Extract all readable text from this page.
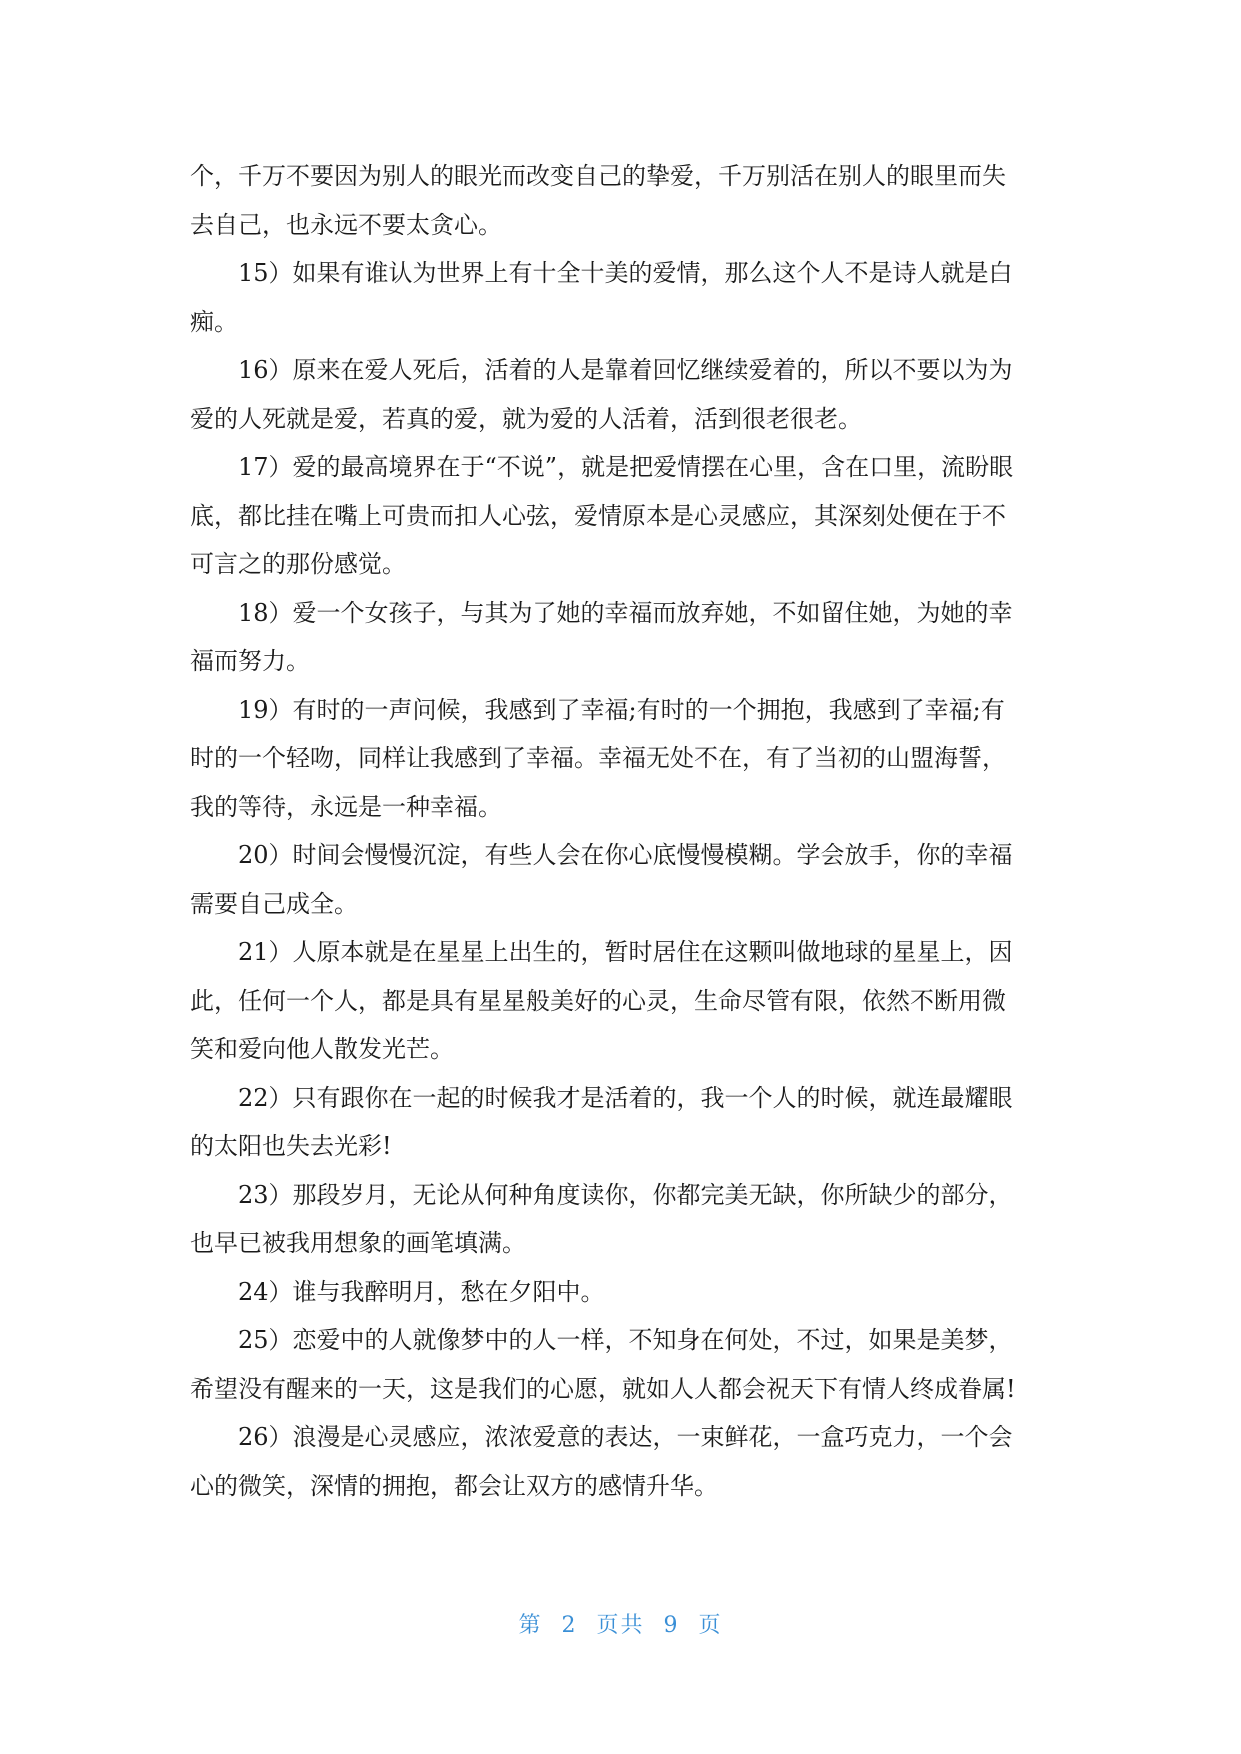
个，千万不要因为别人的眼光而改变自己的挚爱，千万别活在别人的眼里而失
去自己，也永远不要太贪心。

15）如果有谁认为世界上有十全十美的爱情，那么这个人不是诗人就是白
痴。

16）原来在爱人死后，活着的人是靠着回忆继续爱着的，所以不要以为为
爱的人死就是爱，若真的爱，就为爱的人活着，活到很老很老。

17）爱的最高境界在于“不说”，就是把爱情摆在心里，含在口里，流盼眼
底，都比挂在嘴上可贵而扣人心弦，爱情原本是心灵感应，其深刻处便在于不
可言之的那份感觉。

18）爱一个女孩子，与其为了她的幸福而放弃她，不如留住她，为她的幸
福而努力。

19）有时的一声问候，我感到了幸福;有时的一个拥抱，我感到了幸福;有
时的一个轻吻，同样让我感到了幸福。幸福无处不在，有了当初的山盟海誓，
我的等待，永远是一种幸福。

20）时间会慢慢沉淀，有些人会在你心底慢慢模糊。学会放手，你的幸福
需要自己成全。

21）人原本就是在星星上出生的，暂时居住在这颗叫做地球的星星上，因
此，任何一个人，都是具有星星般美好的心灵，生命尽管有限，依然不断用微
笑和爱向他人散发光芒。

22）只有跟你在一起的时候我才是活着的，我一个人的时候，就连最耀眼
的太阳也失去光彩!

23）那段岁月，无论从何种角度读你，你都完美无缺，你所缺少的部分，
也早已被我用想象的画笔填满。

24）谁与我醉明月，愁在夕阳中。

25）恋爱中的人就像梦中的人一样，不知身在何处，不过，如果是美梦，
希望没有醒来的一天，这是我们的心愿，就如人人都会祝天下有情人终成眷属!

26）浪漫是心灵感应，浓浓爱意的表达，一束鲜花，一盒巧克力，一个会
心的微笑，深情的拥抱，都会让双方的感情升华。

第 2 页共 9 页
